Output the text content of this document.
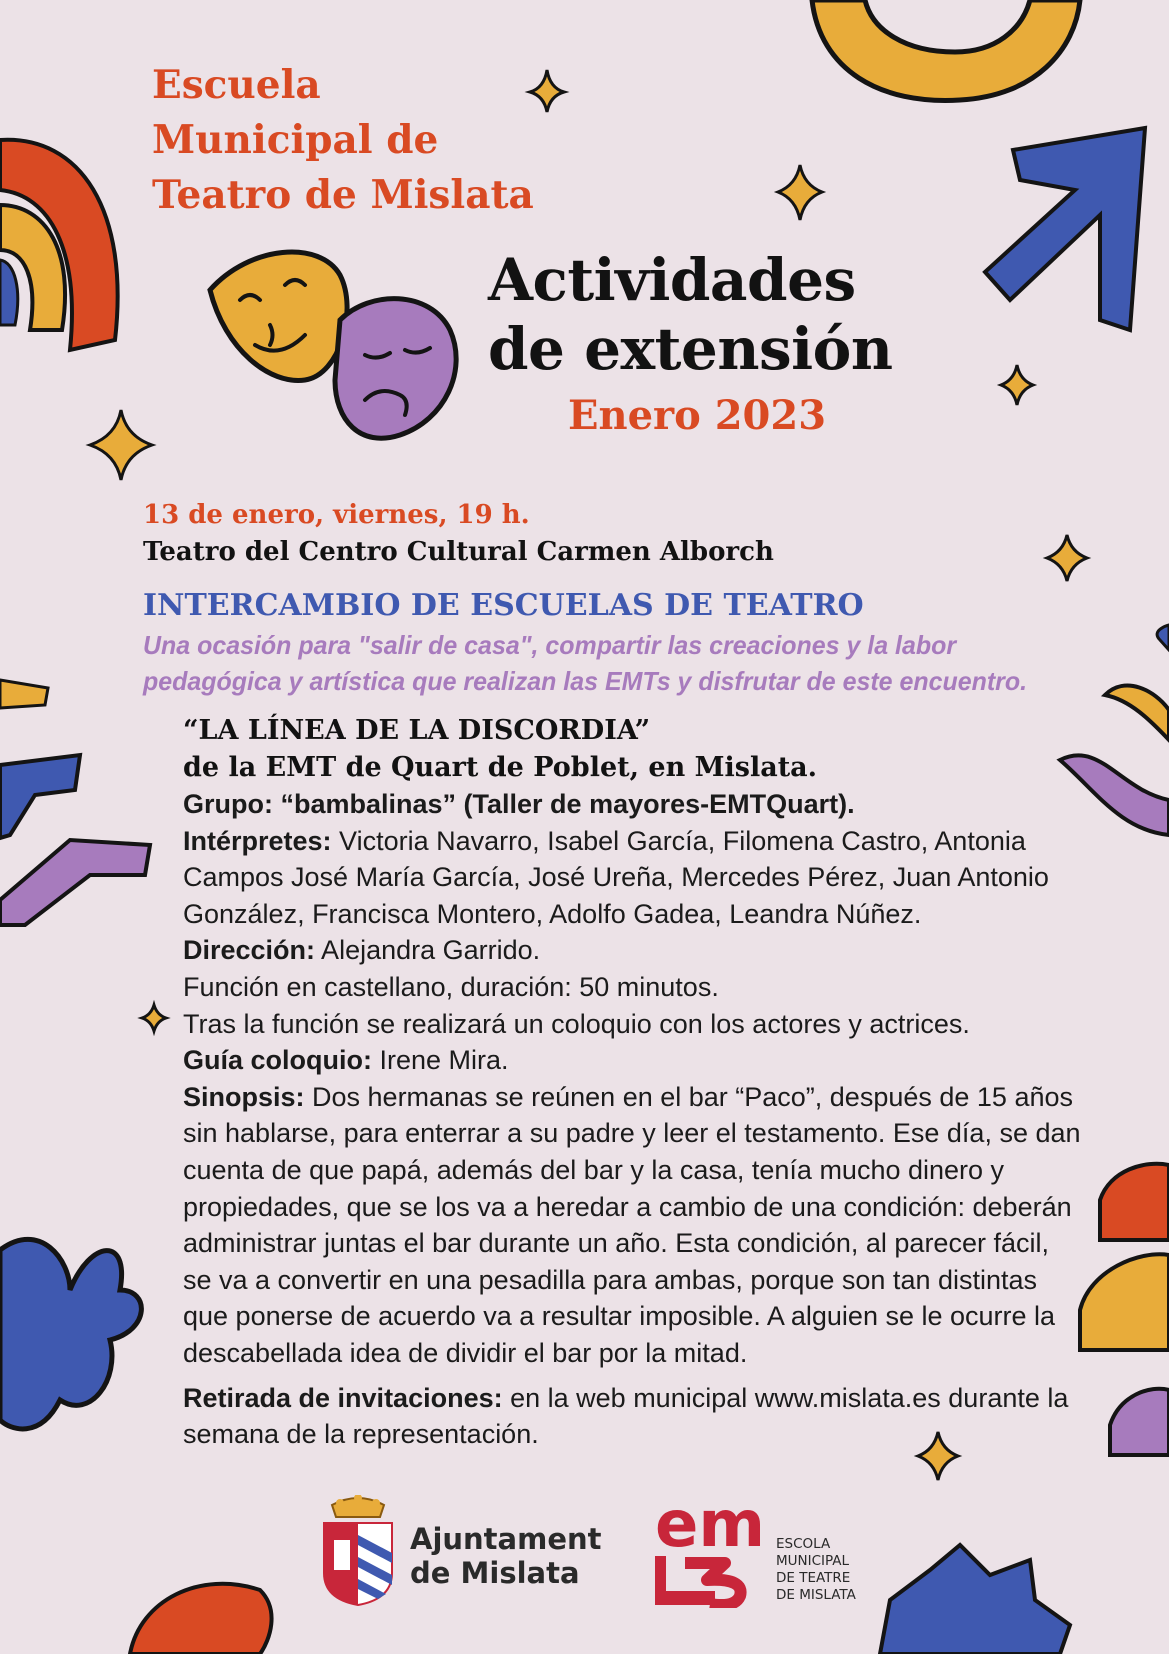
Escuela
Municipal de
Teatro de Mislata
Actividades
de extensión
Enero 2023
13 de enero, viernes, 19 h.
Teatro del Centro Cultural Carmen Alborch
INTERCAMBIO DE ESCUELAS DE TEATRO
Una ocasión para "salir de casa", compartir las creaciones y la labor
pedagógica y artística que realizan las EMTs y disfrutar de este encuentro.
“LA LÍNEA DE LA DISCORDIA”
de la EMT de Quart de Poblet, en Mislata.

Grupo: “bambalinas” (Taller de mayores-EMTQuart).

Intérpretes: Victoria Navarro, Isabel García, Filomena Castro, Antonia Campos José María García, José Ureña, Mercedes Pérez, Juan Antonio González, Francisca Montero, Adolfo Gadea, Leandra Núñez.

Dirección: Alejandra Garrido.

Función en castellano, duración: 50 minutos.

Tras la función se realizará un coloquio con los actores y actrices.

Guía coloquio: Irene Mira.

Sinopsis: Dos hermanas se reúnen en el bar “Paco”, después de 15 años sin hablarse, para enterrar a su padre y leer el testamento. Ese día, se dan cuenta de que papá, además del bar y la casa, tenía mucho dinero y propiedades, que se los va a heredar a cambio de una condición: deberán administrar juntas el bar durante un año. Esta condición, al parecer fácil, se va a convertir en una pesadilla para ambas, porque son tan distintas que ponerse de acuerdo va a resultar imposible. A alguien se le ocurre la descabellada idea de dividir el bar por la mitad.

Retirada de invitaciones: en la web municipal www.mislata.es durante la semana de la representación.

Ajuntament
de Mislata
em ESCOLA
MUNICIPAL
DE TEATRE
DE MISLATA
